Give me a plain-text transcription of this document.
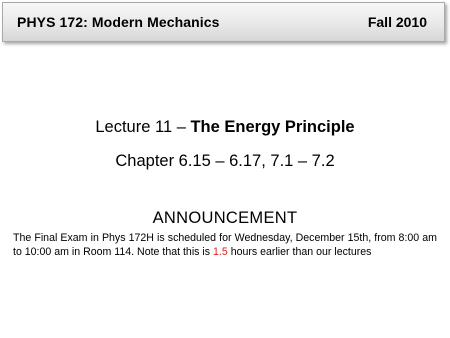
PHYS 172: Modern Mechanics	Fall 2010
Lecture 11 – The Energy Principle
Chapter 6.15 – 6.17, 7.1 – 7.2
ANNOUNCEMENT
The Final Exam in Phys 172H is scheduled for Wednesday, December 15th, from 8:00 am to 10:00 am in Room 114. Note that this is 1.5 hours earlier than our lectures
